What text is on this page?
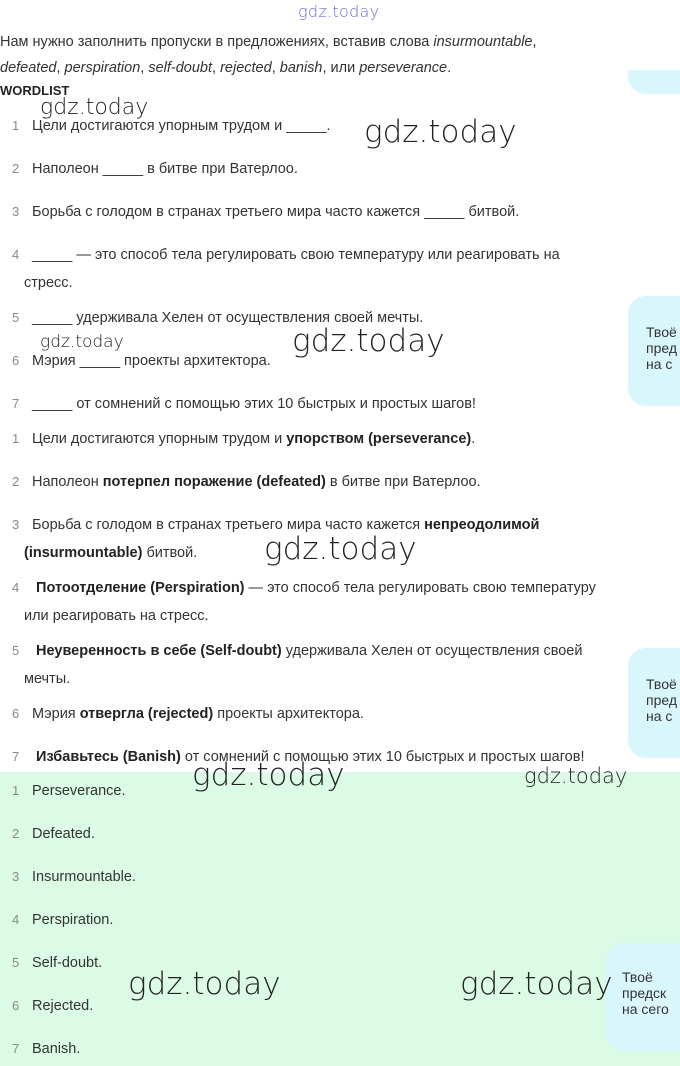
gdz.today
Нам нужно заполнить пропуски в предложениях, вставив слова insurmountable,
defeated, perspiration, self-doubt, rejected, banish, или perseverance.
WORDLIST
1 Цели достигаются упорным трудом и _____.
2 Наполеон _____ в битве при Ватерлоо.
3 Борьба с голодом в странах третьего мира часто кажется _____ битвой.
4 _____ — это способ тела регулировать свою температуру или реагировать на
стресс.
5 _____ удерживала Хелен от осуществления своей мечты.
6 Мэрия _____ проекты архитектора.
7 _____ от сомнений с помощью этих 10 быстрых и простых шагов!
Твоё
пред
на с
1 Цели достигаются упорным трудом и упорством (perseverance).
2 Наполеон потерпел поражение (defeated) в битве при Ватерлоо.
3 Борьба с голодом в странах третьего мира часто кажется непреодолимой
(insurmountable) битвой.
4 Потоотделение (Perspiration) — это способ тела регулировать свою температуру
или реагировать на стресс.
5 Неуверенность в себе (Self-doubt) удерживала Хелен от осуществления своей
мечты.
6 Мэрия отвергла (rejected) проекты архитектора.
7 Избавьтесь (Banish) от сомнений с помощью этих 10 быстрых и простых шагов!
Твоё
пред
на с
1 Perseverance.
2 Defeated.
3 Insurmountable.
4 Perspiration.
5 Self-doubt.
6 Rejected.
7 Banish.
Твоё
предск
на сего
gdz.today
gdz.today
gdz.today	gdz.today
gdz.today
gdz.today	gdz.today
gdz.today	gdz.today
